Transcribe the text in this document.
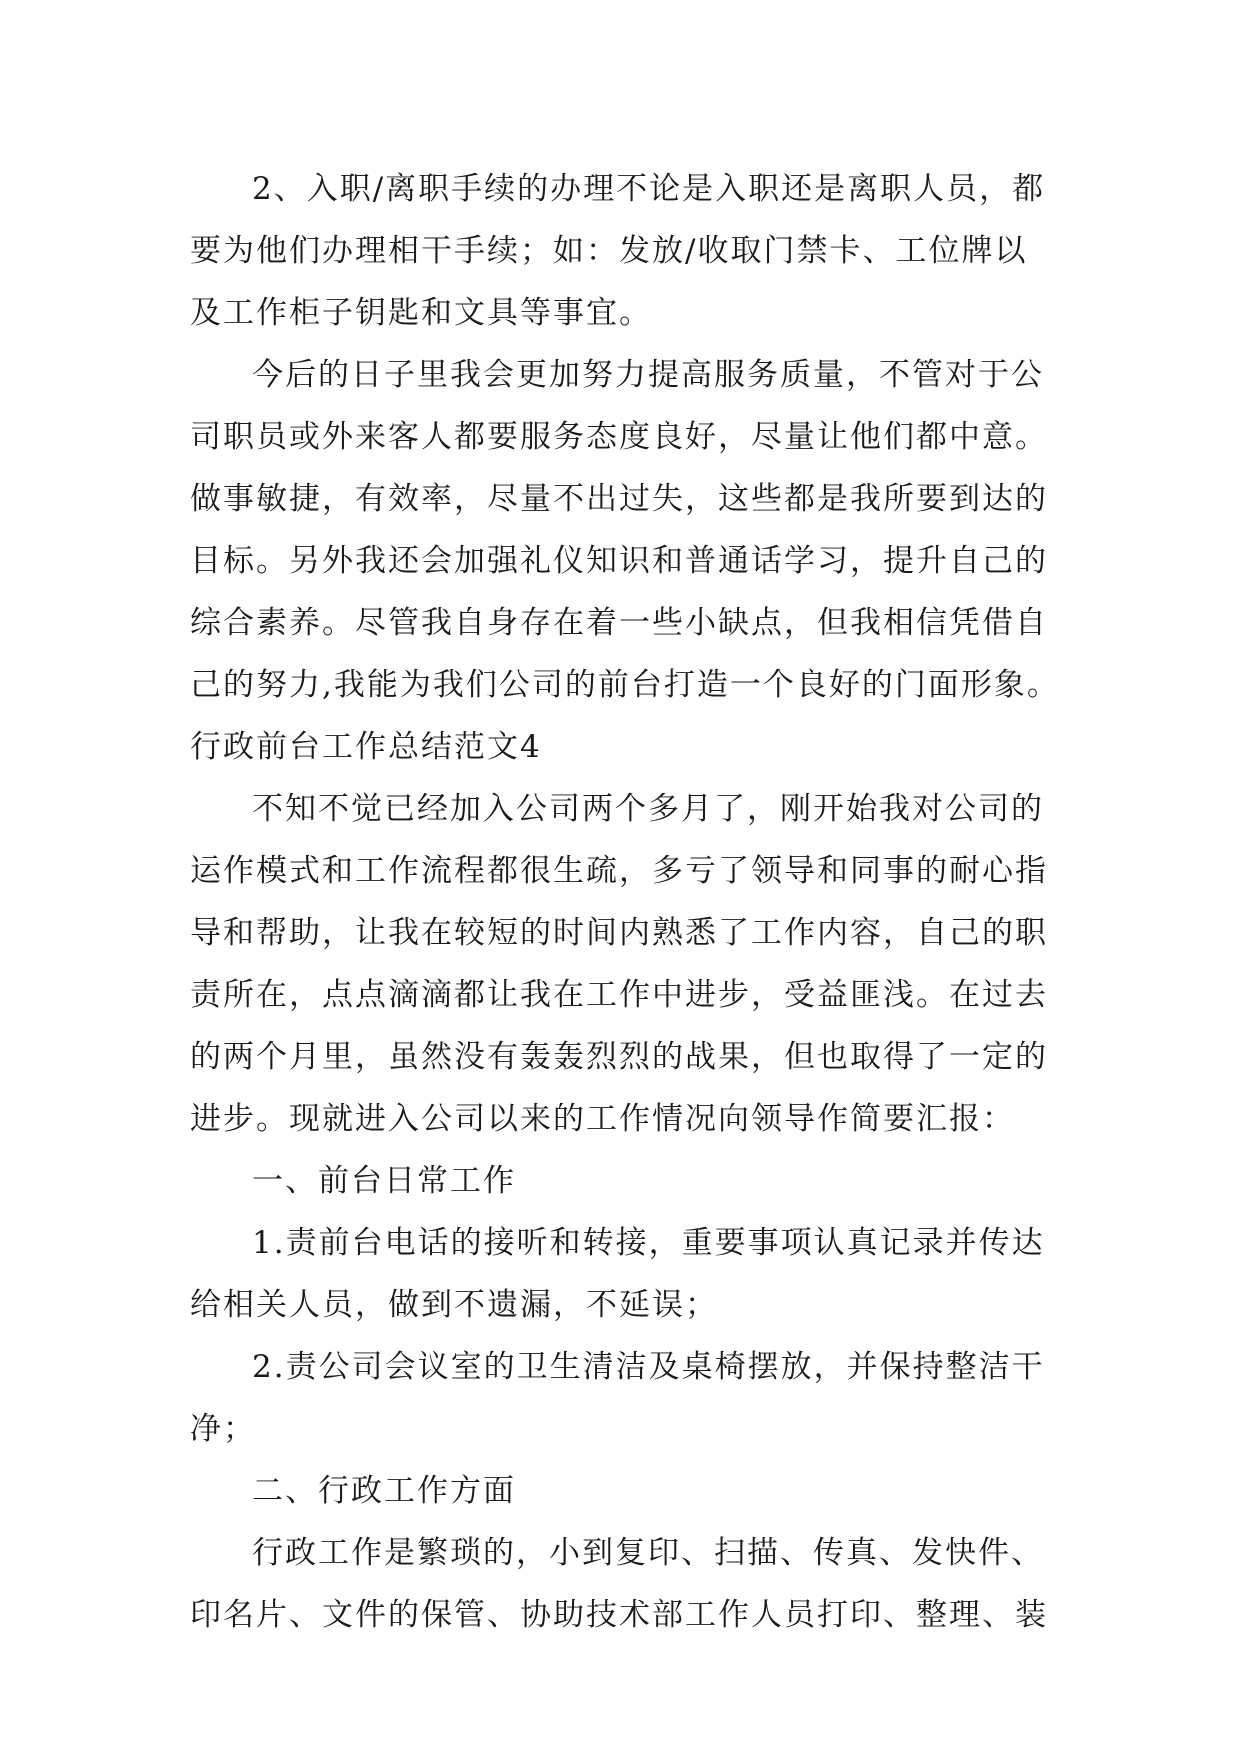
2、入职/离职手续的办理不论是入职还是离职人员，都
要为他们办理相干手续；如：发放/收取门禁卡、工位牌以
及工作柜子钥匙和文具等事宜。
今后的日子里我会更加努力提高服务质量，不管对于公
司职员或外来客人都要服务态度良好，尽量让他们都中意。
做事敏捷，有效率，尽量不出过失，这些都是我所要到达的
目标。另外我还会加强礼仪知识和普通话学习，提升自己的
综合素养。尽管我自身存在着一些小缺点，但我相信凭借自
己的努力,我能为我们公司的前台打造一个良好的门面形象。
行政前台工作总结范文4
不知不觉已经加入公司两个多月了，刚开始我对公司的
运作模式和工作流程都很生疏，多亏了领导和同事的耐心指
导和帮助，让我在较短的时间内熟悉了工作内容，自己的职
责所在，点点滴滴都让我在工作中进步，受益匪浅。在过去
的两个月里，虽然没有轰轰烈烈的战果，但也取得了一定的
进步。现就进入公司以来的工作情况向领导作简要汇报：
一、前台日常工作
1.责前台电话的接听和转接，重要事项认真记录并传达
给相关人员，做到不遗漏，不延误；
2.责公司会议室的卫生清洁及桌椅摆放，并保持整洁干
净；
二、行政工作方面
行政工作是繁琐的，小到复印、扫描、传真、发快件、
印名片、文件的保管、协助技术部工作人员打印、整理、装
